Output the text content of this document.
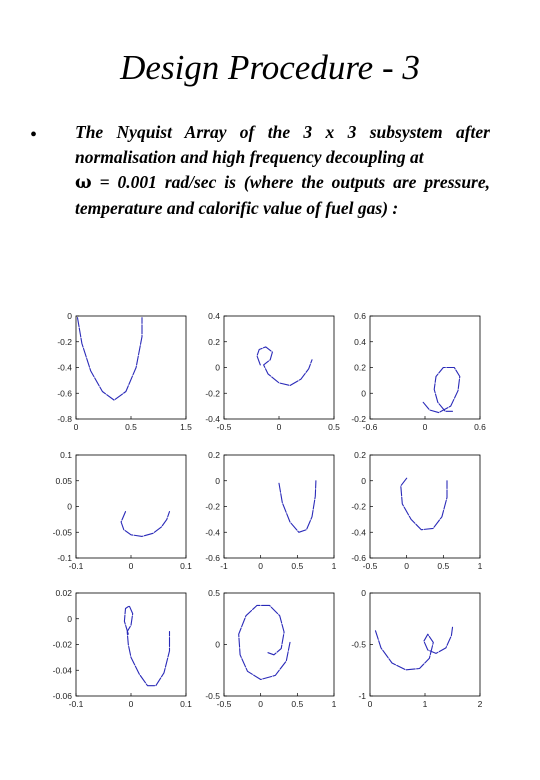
Design Procedure - 3
• The Nyquist Array of the 3 x 3 subsystem after normalisation and high frequency decoupling at
ω = 0.001 rad/sec is (where the outputs are pressure, temperature and calorific value of fuel gas) :
0	0.5	1.5
0
-0.2
-0.4
-0.6
-0.8
-0.5	0	0.5
0.4
0.2
0
-0.2
-0.4
-0.6	0	0.6
0.6
0.4
0.2
0
-0.2
-0.1	0	0.1
0.1
0.05
0
-0.05
-0.1
-1	0	0.5	1
0.2
0
-0.2
-0.4
-0.6
-0.5	0	0.5	1
0.2
0
-0.2
-0.4
-0.6
-0.1	0	0.1
0.02
0
-0.02
-0.04
-0.06
-0.5	0	0.5	1
0.5
0
-0.5
0	1	2
0
-0.5
-1
